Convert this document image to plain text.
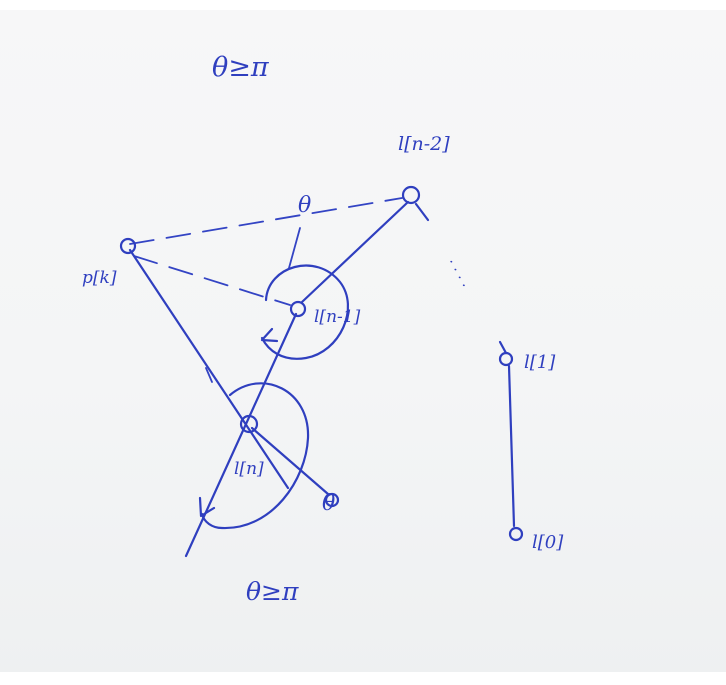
θ≥π
θ≥π
p[k]
l[n-2]
l[n-1]
l[n]
l[1]
l[0]
θ
θ
· · · ·
